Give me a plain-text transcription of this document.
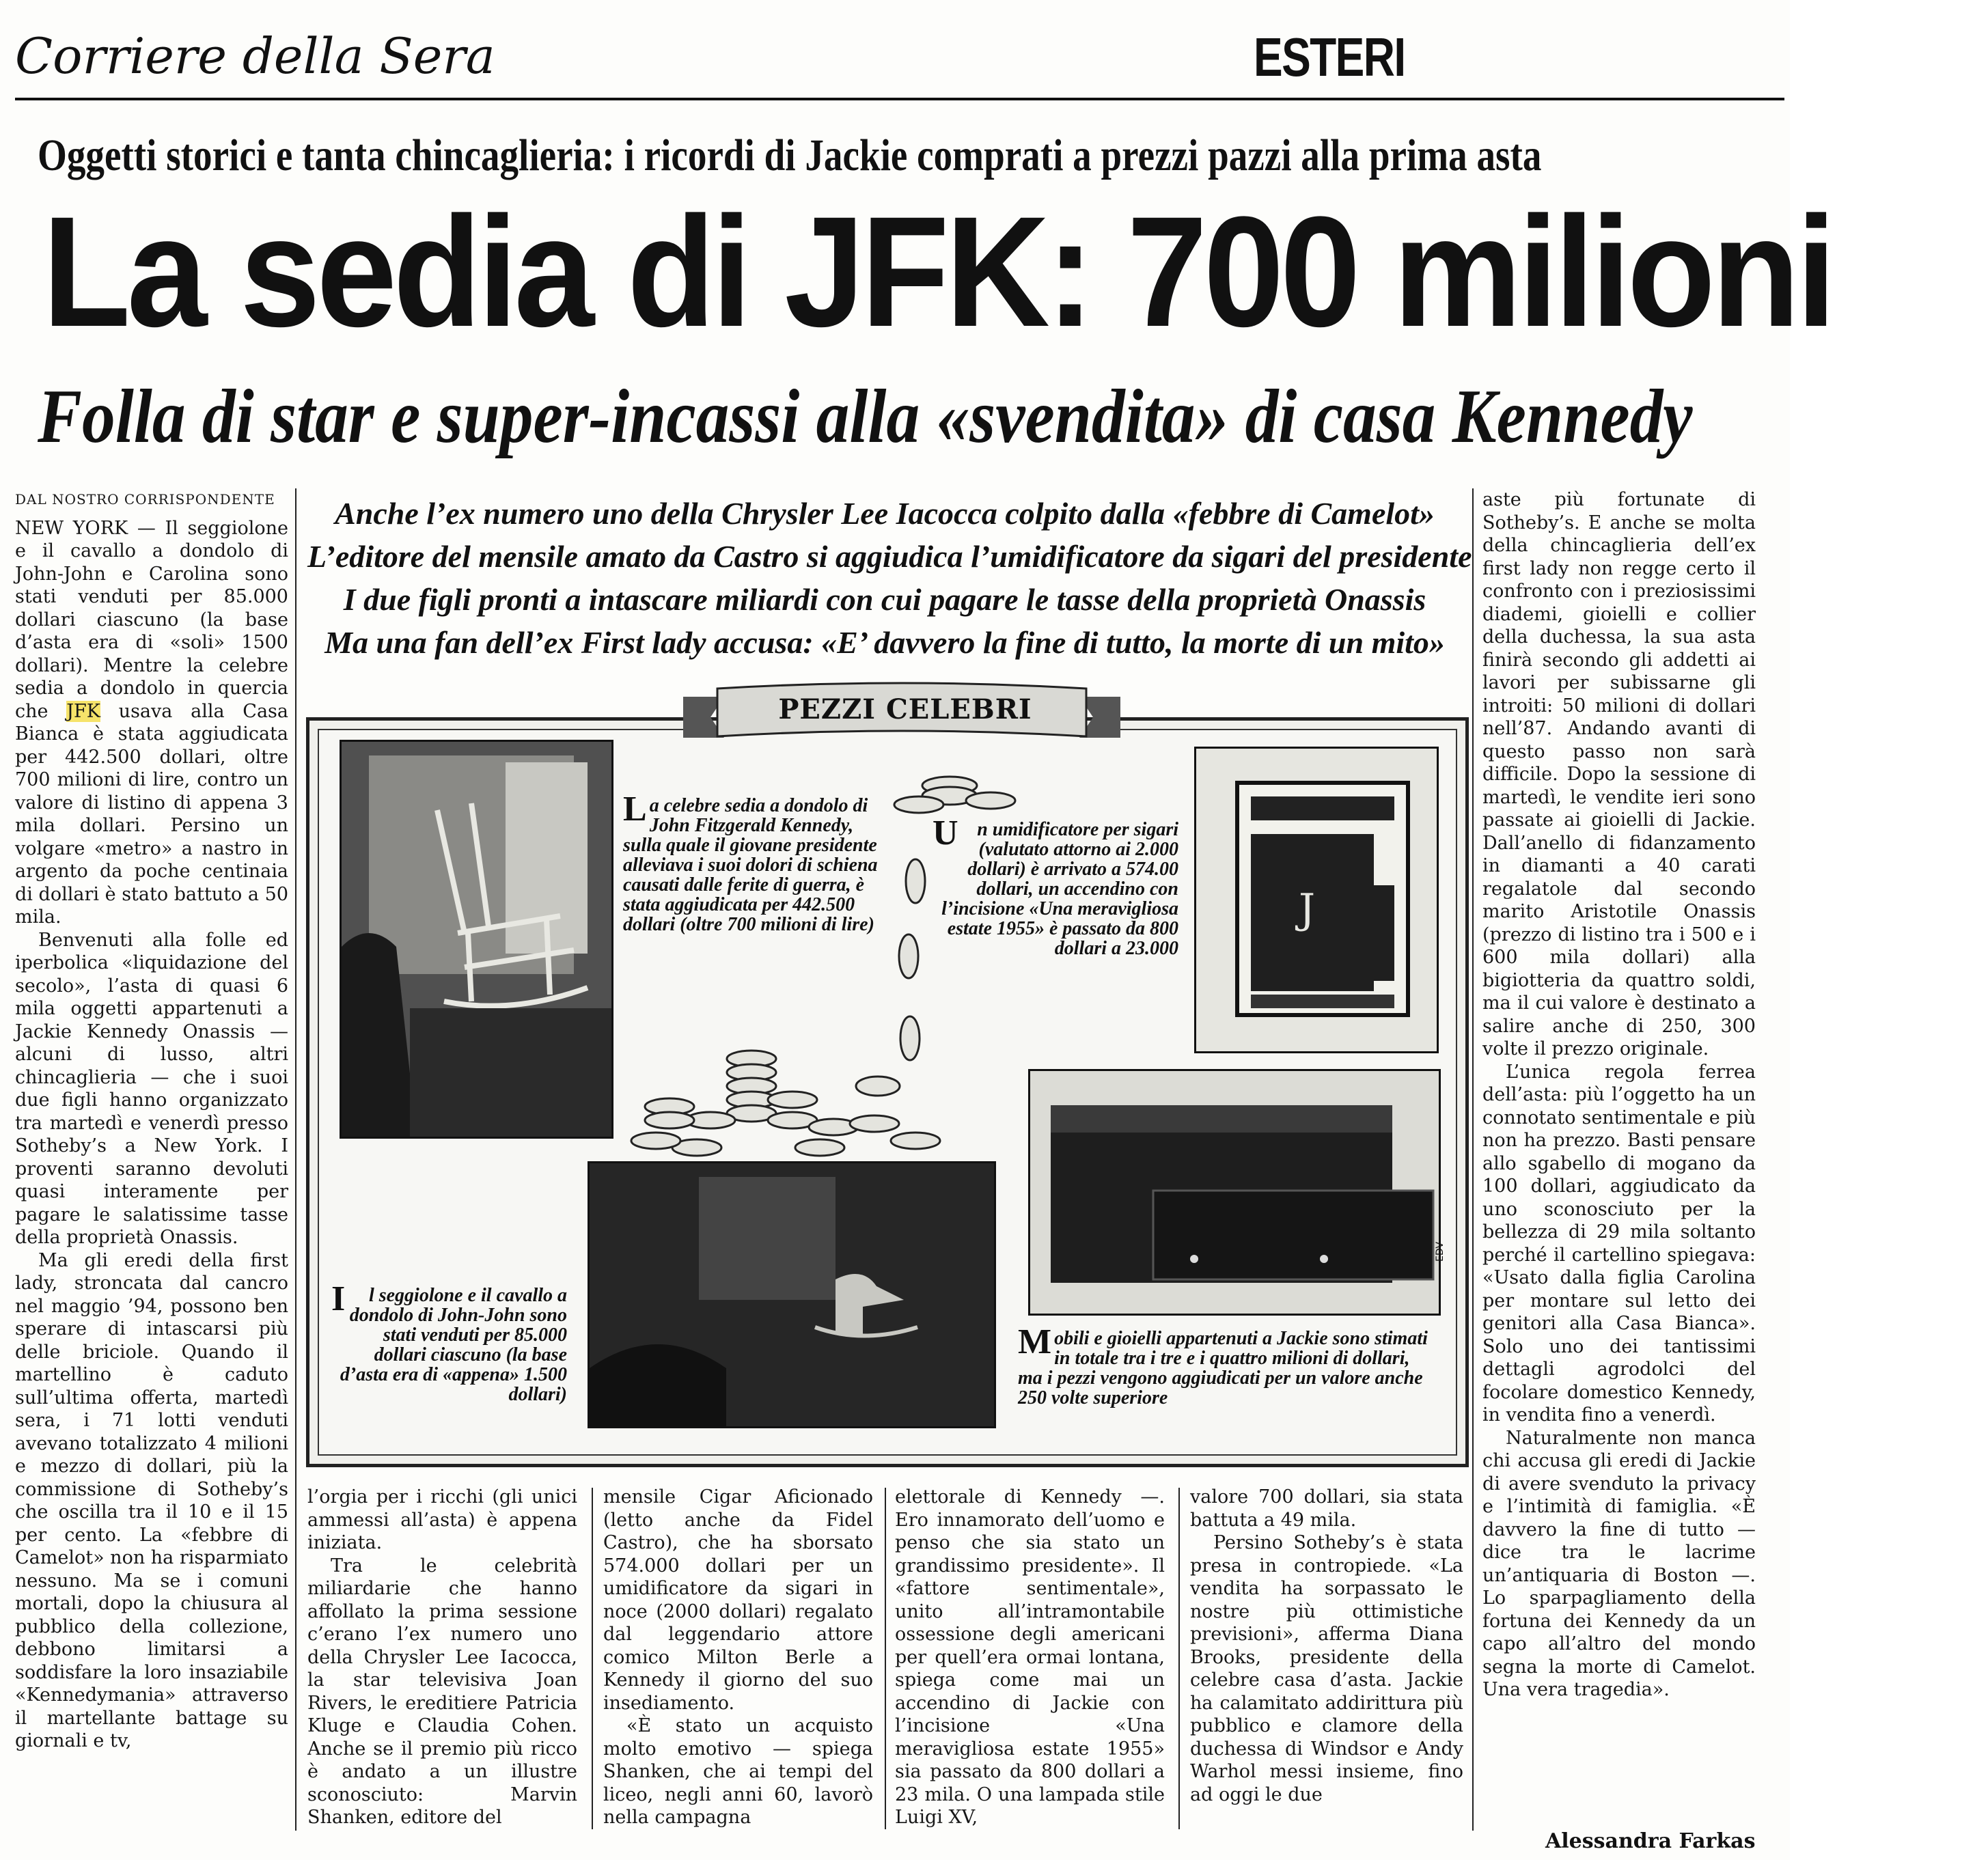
Corriere della Sera	ESTERI
Oggetti storici e tanta chincaglieria: i ricordi di Jackie comprati a prezzi pazzi alla prima asta
La sedia di JFK: 700 milioni
Folla di star e super-incassi alla «svendita» di casa Kennedy
DAL NOSTRO CORRISPONDENTE

NEW YORK — Il seggiolone e il cavallo a dondolo di John-John e Carolina sono stati venduti per 85.000 dollari ciascuno (la base d’asta era di «soli» 1500 dollari). Mentre la celebre sedia a dondolo in quercia che JFK usava alla Casa Bianca è stata aggiudicata per 442.500 dollari, oltre 700 milioni di lire, contro un valore di listino di appena 3 mila dollari. Persino un volgare «metro» a nastro in argento da poche centinaia di dollari è stato battuto a 50 mila.

Benvenuti alla folle ed iperbolica «liquidazione del secolo», l’asta di quasi 6 mila oggetti appartenuti a Jackie Kennedy Onassis — alcuni di lusso, altri chincaglieria — che i suoi due figli hanno organizzato tra martedì e venerdì presso Sotheby’s a New York. I proventi saranno devoluti quasi interamente per pagare le salatissime tasse della proprietà Onassis.

Ma gli eredi della first lady, stroncata dal cancro nel maggio ’94, possono ben sperare di intascarsi più delle briciole. Quando il martellino è caduto sull’ultima offerta, martedì sera, i 71 lotti venduti avevano totalizzato 4 milioni e mezzo di dollari, più la commissione di Sotheby’s che oscilla tra il 10 e il 15 per cento. La «febbre di Camelot» non ha risparmiato nessuno. Ma se i comuni mortali, dopo la chiusura al pubblico della collezione, debbono limitarsi a soddisfare la loro insaziabile «Kennedymania» attraverso il martellante battage su giornali e tv,

Anche l’ex numero uno della Chrysler Lee Iacocca colpito dalla «febbre di Camelot»
L’editore del mensile amato da Castro si aggiudica l’umidificatore da sigari del presidente
I due figli pronti a intascare miliardi con cui pagare le tasse della proprietà Onassis
Ma una fan dell’ex First lady accusa: «E’ davvero la fine di tutto, la morte di un mito»
PEZZI CELEBRI
La celebre sedia a dondolo di John Fitzgerald Kennedy, sulla quale il giovane presidente alleviava i suoi dolori di schiena causati dalle ferite di guerra, è stata aggiudicata per 442.500 dollari (oltre 700 milioni di lire)
Un umidificatore per sigari (valutato attorno ai 2.000 dollari) è arrivato a 574.00 dollari, un accendino con l’incisione «Una meravigliosa estate 1955» è passato da 800 dollari a 23.000
J
EDV
I l seggiolone e il cavallo a dondolo di John-John sono stati venduti per 85.000 dollari ciascuno (la base d’asta era di «appena» 1.500 dollari)
Mobili e gioielli appartenuti a Jackie sono stimati in totale tra i tre e i quattro milioni di dollari, ma i pezzi vengono aggiudicati per un valore anche 250 volte superiore

l’orgia per i ricchi (gli unici ammessi all’asta) è appena iniziata.

Tra le celebrità miliardarie che hanno affollato la prima sessione c’erano l’ex numero uno della Chrysler Lee Iacocca, la star televisiva Joan Rivers, le ereditiere Patricia Kluge e Claudia Cohen. Anche se il premio più ricco è andato a un illustre sconosciuto: Marvin Shanken, editore del

mensile Cigar Aficionado (letto anche da Fidel Castro), che ha sborsato 574.000 dollari per un umidificatore da sigari in noce (2000 dollari) regalato dal leggendario attore comico Milton Berle a Kennedy il giorno del suo insediamento.

«È stato un acquisto molto emotivo — spiega Shanken, che ai tempi del liceo, negli anni 60, lavorò nella campagna

elettorale di Kennedy —. Ero innamorato dell’uomo e penso che sia stato un grandissimo presidente». Il «fattore sentimentale», unito all’intramontabile ossessione degli americani per quell’era ormai lontana, spiega come mai un accendino di Jackie con l’incisione «Una meravigliosa estate 1955» sia passato da 800 dollari a 23 mila. O una lampada stile Luigi XV,

valore 700 dollari, sia stata battuta a 49 mila.

Persino Sotheby’s è stata presa in contropiede. «La vendita ha sorpassato le nostre più ottimistiche previsioni», afferma Diana Brooks, presidente della celebre casa d’asta. Jackie ha calamitato addirittura più pubblico e clamore della duchessa di Windsor e Andy Warhol messi insieme, fino ad oggi le due

aste più fortunate di Sotheby’s. E anche se molta della chincaglieria dell’ex first lady non regge certo il confronto con i preziosissimi diademi, gioielli e collier della duchessa, la sua asta finirà secondo gli addetti ai lavori per subissarne gli introiti: 50 milioni di dollari nell’87. Andando avanti di questo passo non sarà difficile. Dopo la sessione di martedì, le vendite ieri sono passate ai gioielli di Jackie. Dall’anello di fidanzamento in diamanti a 40 carati regalatole dal secondo marito Aristotile Onassis (prezzo di listino tra i 500 e i 600 mila dollari) alla bigiotteria da quattro soldi, ma il cui valore è destinato a salire anche di 250, 300 volte il prezzo originale.

L’unica regola ferrea dell’asta: più l’oggetto ha un connotato sentimentale e più non ha prezzo. Basti pensare allo sgabello di mogano da 100 dollari, aggiudicato da uno sconosciuto per la bellezza di 29 mila soltanto perché il cartellino spiegava: «Usato dalla figlia Carolina per montare sul letto dei genitori alla Casa Bianca». Solo uno dei tantissimi dettagli agrodolci del focolare domestico Kennedy, in vendita fino a venerdì.

Naturalmente non manca chi accusa gli eredi di Jackie di avere svenduto la privacy e l’intimità di famiglia. «È davvero la fine di tutto — dice tra le lacrime un’antiquaria di Boston —. Lo sparpagliamento della fortuna dei Kennedy da un capo all’altro del mondo segna la morte di Camelot. Una vera tragedia».

Alessandra Farkas
